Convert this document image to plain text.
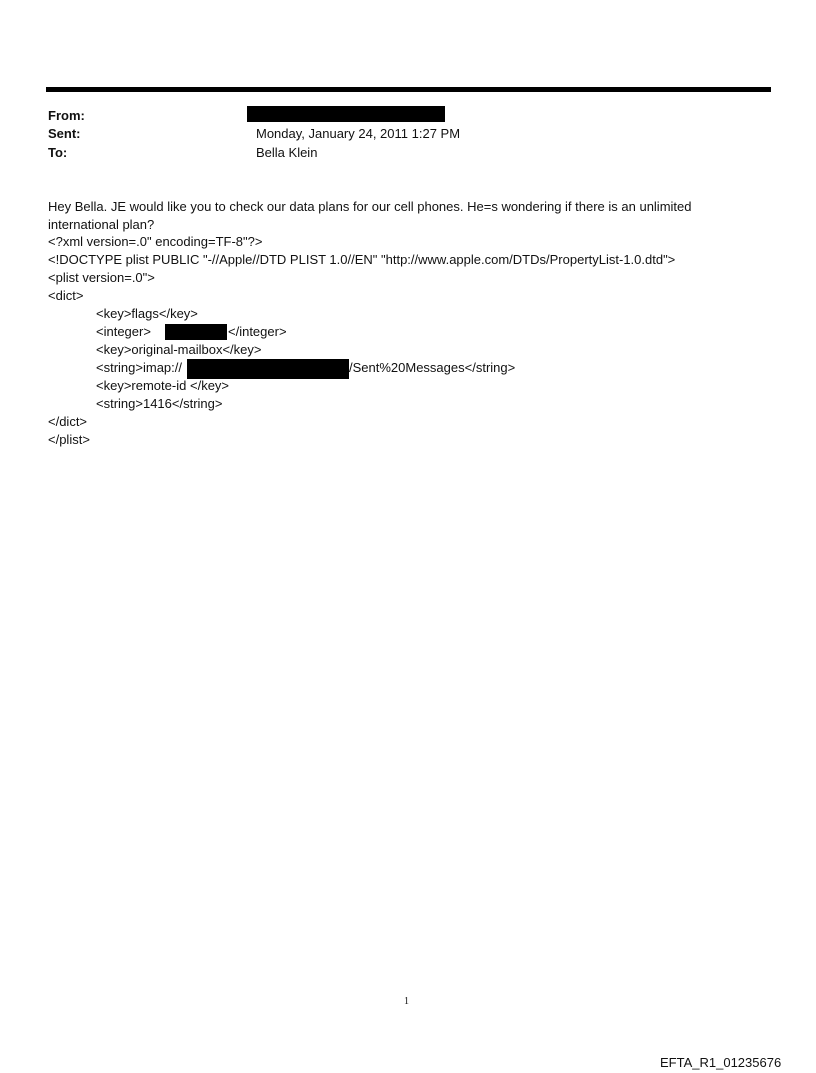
From:
Sent:	Monday, January 24, 2011 1:27 PM
To:	Bella Klein
Hey Bella. JE would like you to check our data plans for our cell phones. He=s wondering if there is an unlimited international plan?
<?xml version=.0" encoding=TF-8"?>
<!DOCTYPE plist PUBLIC "-//Apple//DTD PLIST 1.0//EN" "http://www.apple.com/DTDs/PropertyList-1.0.dtd">
<plist version=.0">
<dict>
<key>flags</key>
<integer>	</integer>
<key>original-mailbox</key>
<string>imap://	/Sent%20Messages</string>
<key>remote-id </key>
<string>1416</string>
</dict>
</plist>
1
EFTA_R1_01235676
